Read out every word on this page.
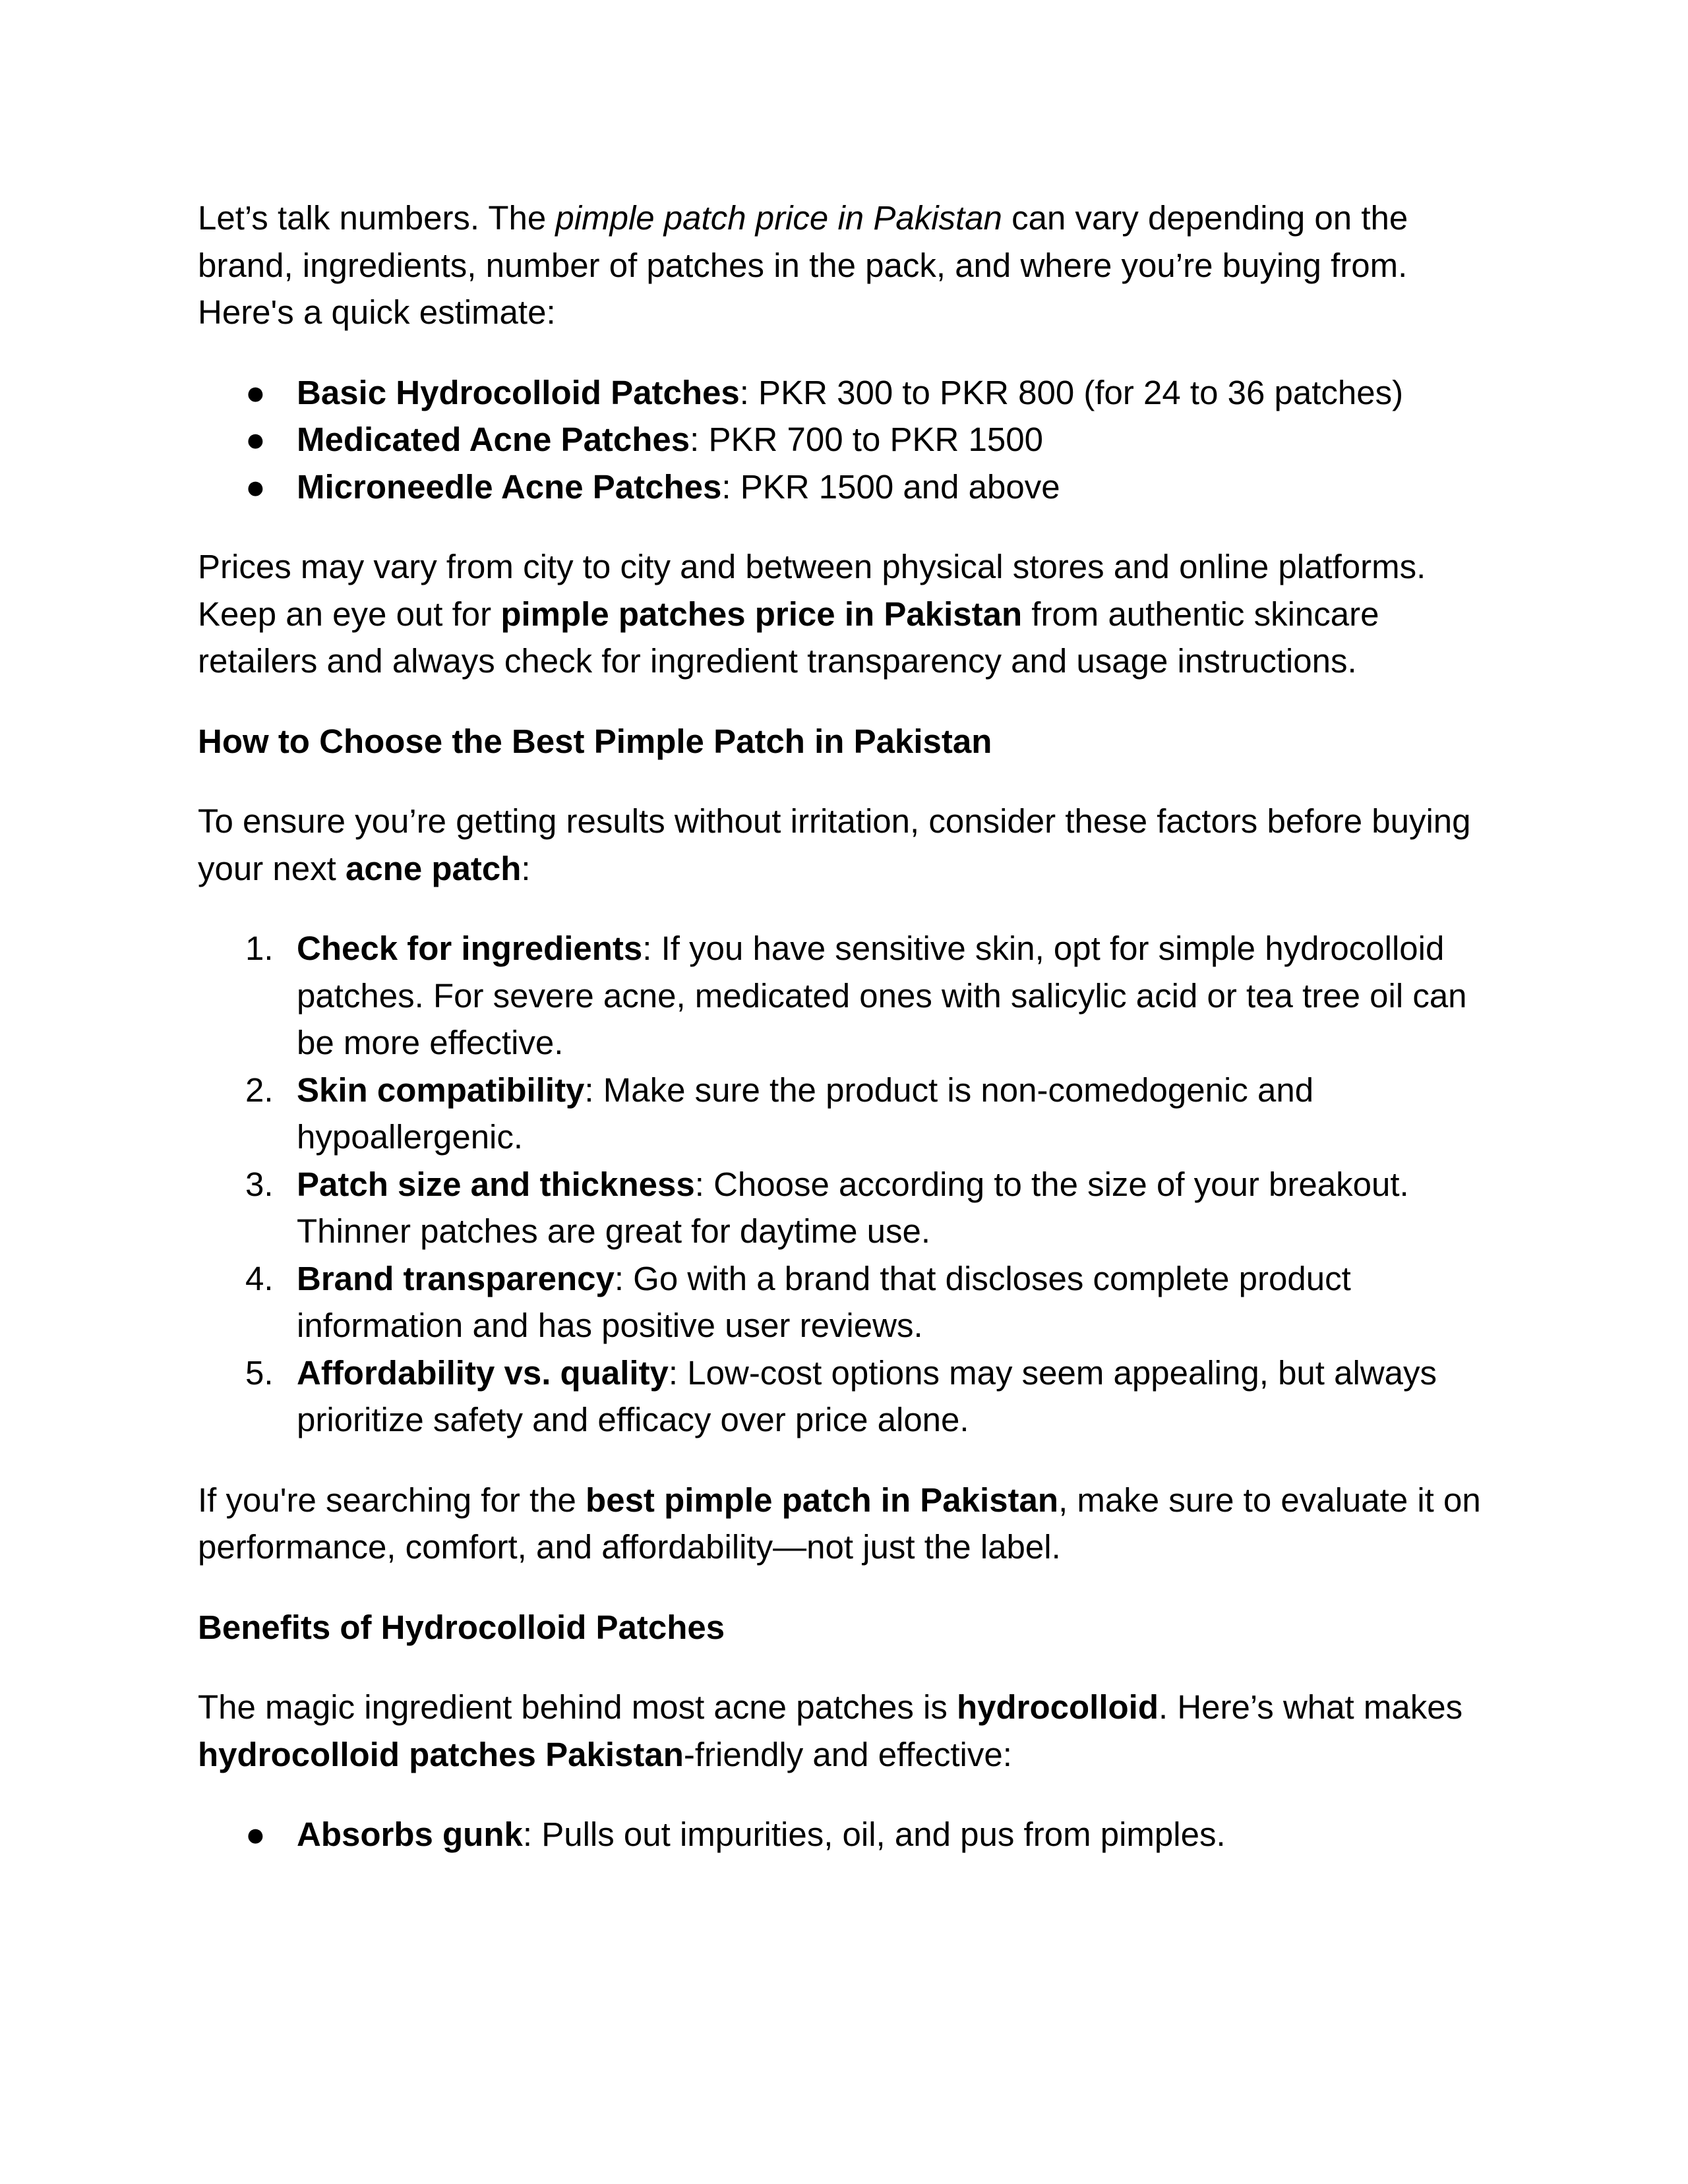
Let’s talk numbers. The pimple patch price in Pakistan can vary depending on the brand, ingredients, number of patches in the pack, and where you’re buying from. Here's a quick estimate:

● Basic Hydrocolloid Patches: PKR 300 to PKR 800 (for 24 to 36 patches)
● Medicated Acne Patches: PKR 700 to PKR 1500
● Microneedle Acne Patches: PKR 1500 and above

Prices may vary from city to city and between physical stores and online platforms. Keep an eye out for pimple patches price in Pakistan from authentic skincare retailers and always check for ingredient transparency and usage instructions.

How to Choose the Best Pimple Patch in Pakistan

To ensure you’re getting results without irritation, consider these factors before buying your next acne patch:

1. Check for ingredients: If you have sensitive skin, opt for simple hydrocolloid patches. For severe acne, medicated ones with salicylic acid or tea tree oil can be more effective.
2. Skin compatibility: Make sure the product is non-comedogenic and hypoallergenic.
3. Patch size and thickness: Choose according to the size of your breakout. Thinner patches are great for daytime use.
4. Brand transparency: Go with a brand that discloses complete product information and has positive user reviews.
5. Affordability vs. quality: Low-cost options may seem appealing, but always prioritize safety and efficacy over price alone.

If you're searching for the best pimple patch in Pakistan, make sure to evaluate it on performance, comfort, and affordability—not just the label.

Benefits of Hydrocolloid Patches

The magic ingredient behind most acne patches is hydrocolloid. Here’s what makes hydrocolloid patches Pakistan-friendly and effective:

● Absorbs gunk: Pulls out impurities, oil, and pus from pimples.
